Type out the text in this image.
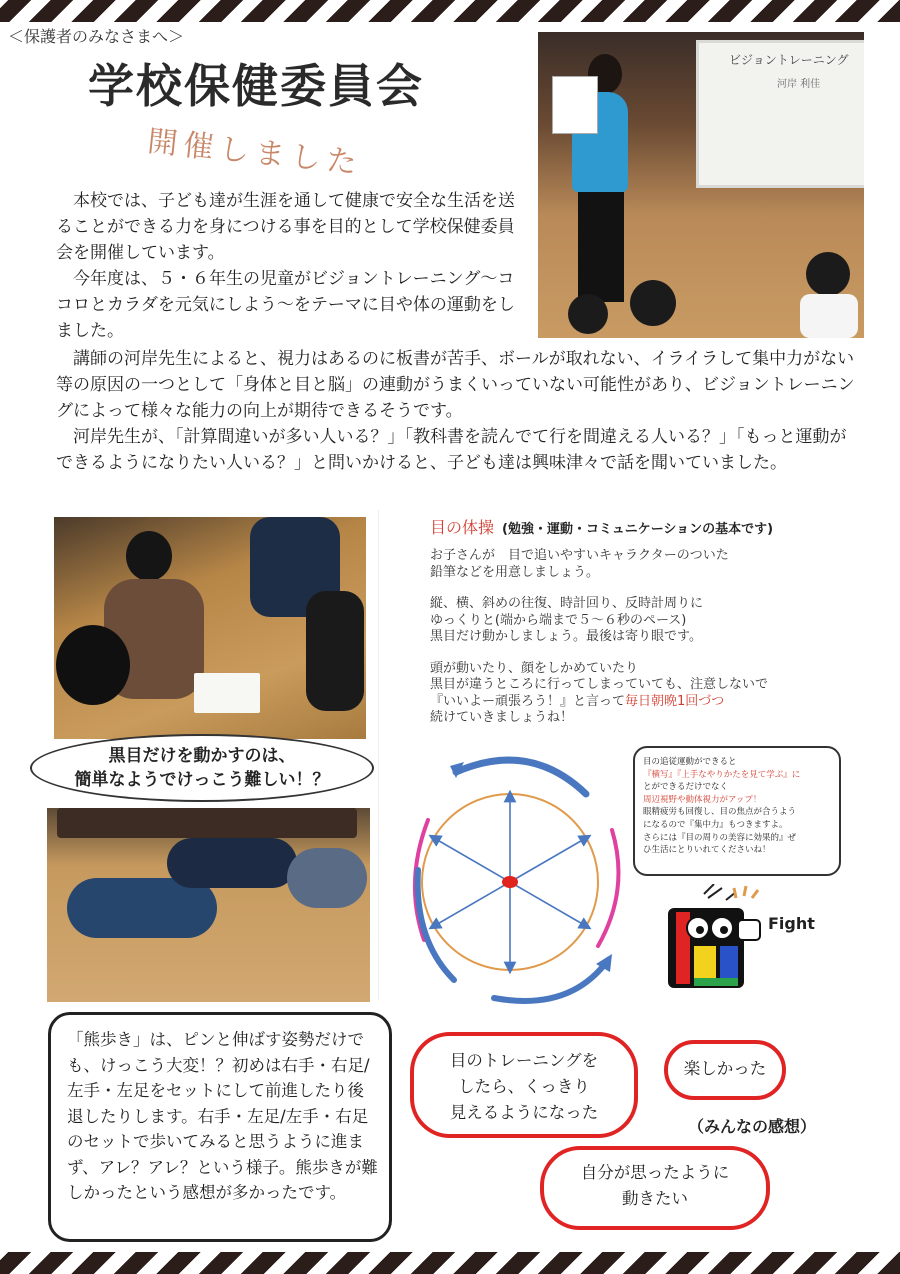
＜保護者のみなさまへ＞
学校保健委員会
開催しました
　本校では、子ども達が生涯を通して健康で安全な生活を送ることができる力を身につける事を目的として学校保健委員会を開催しています。
　今年度は、５・６年生の児童がビジョントレーニング～ココロとカラダを元気にしよう～をテーマに目や体の運動をしました。
ビジョントレーニング
河岸 利佳
　講師の河岸先生によると、視力はあるのに板書が苦手、ボールが取れない、イライラして集中力がない等の原因の一つとして「身体と目と脳」の連動がうまくいっていない可能性があり、ビジョントレーニングによって様々な能力の向上が期待できるそうです。
　河岸先生が、「計算間違いが多い人いる？」「教科書を読んでて行を間違える人いる？」「もっと運動ができるようになりたい人いる？」と問いかけると、子ども達は興味津々で話を聞いていました。
黒目だけを動かすのは、
簡単なようでけっこう難しい！？
「熊歩き」は、ピンと伸ばす姿勢だけでも、けっこう大変！？初めは右手・右足/左手・左足をセットにして前進したり後退したりします。右手・左足/左手・右足のセットで歩いてみると思うように進まず、アレ？アレ？という様子。熊歩きが難しかったという感想が多かったです。
目の体操 (勉強・運動・コミュニケーションの基本です)

お子さんが　目で追いやすいキャラクターのついた
鉛筆などを用意しましょう。

縦、横、斜めの往復、時計回り、反時計周りに
ゆっくりと(端から端まで５～６秒のペース)
黒目だけ動かしましょう。最後は寄り眼です。

頭が動いたり、顔をしかめていたり
黒目が違うところに行ってしまっていても、注意しないで
『いいよー頑張ろう！』と言って毎日朝晩1回づつ
続けていきましょうね！

目の追従運動ができると
『横写』『上手なやりかたを見て学ぶ』に
とができるだけでなく
周辺視野や動体視力がアップ！
眼精疲労も回復し、目の焦点が合うよう
になるので『集中力』もつきますよ。
さらには『目の周りの美容に効果的』ぜ
ひ生活にとりいれてくださいね！
Fight
目のトレーニングを
したら、くっきり
見えるようになった
楽しかった
（みんなの感想）
自分が思ったように
動きたい
